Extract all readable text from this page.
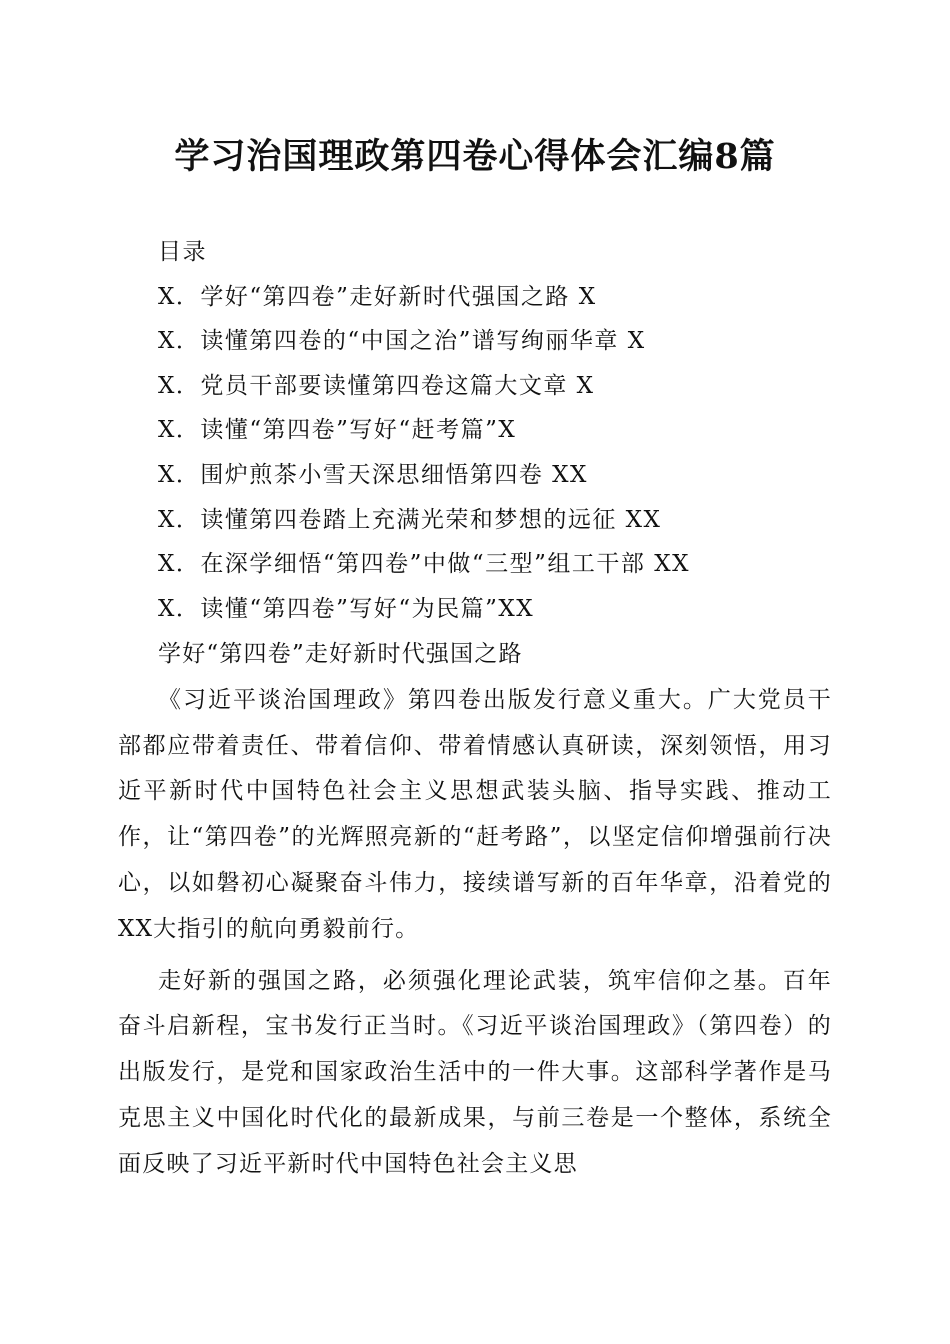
学习治国理政第四卷心得体会汇编8篇
目录
X．学好“第四卷”走好新时代强国之路 X
X．读懂第四卷的“中国之治”谱写绚丽华章 X
X．党员干部要读懂第四卷这篇大文章 X
X．读懂“第四卷”写好“赶考篇”X
X．围炉煎茶小雪天深思细悟第四卷 XX
X．读懂第四卷踏上充满光荣和梦想的远征 XX
X．在深学细悟“第四卷”中做“三型”组工干部 XX
X．读懂“第四卷”写好“为民篇”XX

学好“第四卷”走好新时代强国之路

《习近平谈治国理政》第四卷出版发行意义重大。广大党员干部都应带着责任、带着信仰、带着情感认真研读，深刻领悟，用习近平新时代中国特色社会主义思想武装头脑、指导实践、推动工作，让“第四卷”的光辉照亮新的“赶考路”，以坚定信仰增强前行决心，以如磐初心凝聚奋斗伟力，接续谱写新的百年华章，沿着党的XX大指引的航向勇毅前行。

走好新的强国之路，必须强化理论武装，筑牢信仰之基。百年奋斗启新程，宝书发行正当时。《习近平谈治国理政》（第四卷）的出版发行，是党和国家政治生活中的一件大事。这部科学著作是马克思主义中国化时代化的最新成果，与前三卷是一个整体，系统全面反映了习近平新时代中国特色社会主义思
